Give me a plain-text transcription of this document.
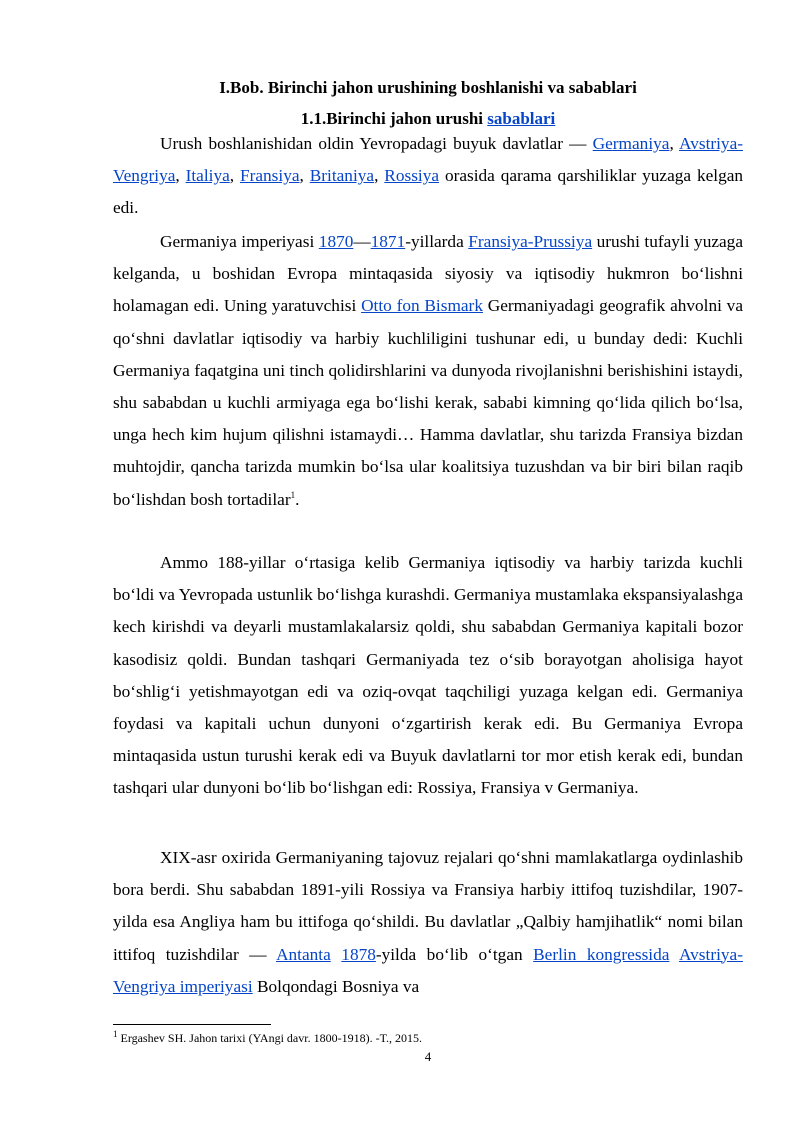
I.Bob. Birinchi jahon urushining boshlanishi va sabablari
1.1.Birinchi jahon urushi sabablari

Urush boshlanishidan oldin Yevropadagi buyuk davlatlar — Germaniya, Avstriya-Vengriya, Italiya, Fransiya, Britaniya, Rossiya orasida qarama qarshiliklar yuzaga kelgan edi.

Germaniya imperiyasi 1870—1871-yillarda Fransiya-Prussiya urushi tufayli yuzaga kelganda, u boshidan Evropa mintaqasida siyosiy va iqtisodiy hukmron boʻlishni holamagan edi. Uning yaratuvchisi Otto fon Bismark Germaniyadagi geografik ahvolni va qoʻshni davlatlar iqtisodiy va harbiy kuchliligini tushunar edi, u bunday dedi: Kuchli Germaniya faqatgina uni tinch qolidirshlarini va dunyoda rivojlanishni berishishini istaydi, shu sababdan u kuchli armiyaga ega boʻlishi kerak, sababi kimning qoʻlida qilich boʻlsa, unga hech kim hujum qilishni istamaydi… Hamma davlatlar, shu tarizda Fransiya bizdan muhtojdir, qancha tarizda mumkin boʻlsa ular koalitsiya tuzushdan va bir biri bilan raqib boʻlishdan bosh tortadilar$^1$.

Ammo 188-yillar oʻrtasiga kelib Germaniya iqtisodiy va harbiy tarizda kuchli boʻldi va Yevropada ustunlik boʻlishga kurashdi. Germaniya mustamlaka ekspansiyalashga kech kirishdi va deyarli mustamlakalarsiz qoldi, shu sababdan Germaniya kapitali bozor kasodisiz qoldi. Bundan tashqari Germaniyada tez oʻsib borayotgan aholisiga hayot boʻshligʻi yetishmayotgan edi va oziq-ovqat taqchiligi yuzaga kelgan edi. Germaniya foydasi va kapitali uchun dunyoni oʻzgartirish kerak edi. Bu Germaniya Evropa mintaqasida ustun turushi kerak edi va Buyuk davlatlarni tor mor etish kerak edi, bundan tashqari ular dunyoni boʻlib boʻlishgan edi: Rossiya, Fransiya v Germaniya.

XIX-asr oxirida Germaniyaning tajovuz rejalari qoʻshni mamlakatlarga oydinlashib bora berdi. Shu sababdan 1891-yili Rossiya va Fransiya harbiy ittifoq tuzishdilar, 1907-yilda esa Angliya ham bu ittifoga qoʻshildi. Bu davlatlar „Qalbiy hamjihatlik“ nomi bilan ittifoq tuzishdilar — Antanta 1878-yilda boʻlib oʻtgan Berlin kongressida Avstriya-Vengriya imperiyasi Bolqondagi Bosniya va

$^1$ Ergashev SH. Jahon tarixi (YAngi davr. 1800-1918). -T., 2015.

4
